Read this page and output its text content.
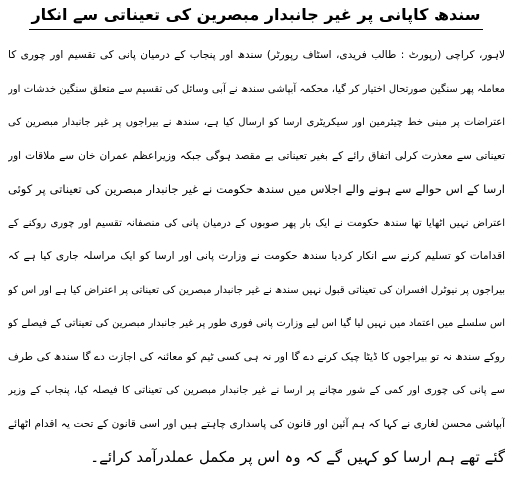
سندھ کاپانی پر غیر جانبدار مبصرین کی تعیناتی سے انکار
لاہور، کراچی (رپورٹ : طالب فریدی، اسٹاف رپورٹر) سندھ اور پنجاب کے درمیان پانی کی تقسیم اور چوری کا
معاملہ پھر سنگین صورتحال اختیار کر گیا، محکمہ آبپاشی سندھ نے آبی وسائل کی تقسیم سے متعلق سنگین خدشات اور
اعتراضات پر مبنی خط چیئرمین اور سیکریٹری ارسا کو ارسال کیا ہے، سندھ نے بیراجوں پر غیر جانبدار مبصرین کی
تعیناتی سے معذرت کرلی اتفاق رائے کے بغیر تعیناتی بے مقصد ہوگی جبکہ وزیراعظم عمران خان سے ملاقات اور
ارسا کے اس حوالے سے ہونے والے اجلاس میں سندھ حکومت نے غیر جانبدار مبصرین کی تعیناتی پر کوئی
اعتراض نہیں اٹھایا تھا سندھ حکومت نے ایک بار پھر صوبوں کے درمیان پانی کی منصفانہ تقسیم اور چوری روکنے کے
اقدامات کو تسلیم کرنے سے انکار کردیا سندھ حکومت نے وزارت پانی اور ارسا کو ایک مراسلہ جاری کیا ہے کہ
بیراجوں پر نیوٹرل افسران کی تعیناتی قبول نہیں سندھ نے غیر جانبدار مبصرین کی تعیناتی پر اعتراض کیا ہے اور اس کو
اس سلسلے میں اعتماد میں نہیں لیا گیا اس لیے وزارت پانی فوری طور پر غیر جانبدار مبصرین کی تعیناتی کے فیصلے کو
روکے سندھ نہ تو بیراجوں کا ڈیٹا چیک کرنے دے گا اور نہ ہی کسی ٹیم کو معائنہ کی اجازت دے گا سندھ کی طرف
سے پانی کی چوری اور کمی کے شور مچانے پر ارسا نے غیر جانبدار مبصرین کی تعیناتی کا فیصلہ کیا، پنجاب کے وزیر
آبپاشی محسن لغاری نے کہا کہ ہم آئین اور قانون کی پاسداری چاہتے ہیں اور اسی قانون کے تحت یہ اقدام اٹھائے
گئے تھے ہم ارسا کو کہیں گے کہ وہ اس پر مکمل عملدرآمد کرائے۔
